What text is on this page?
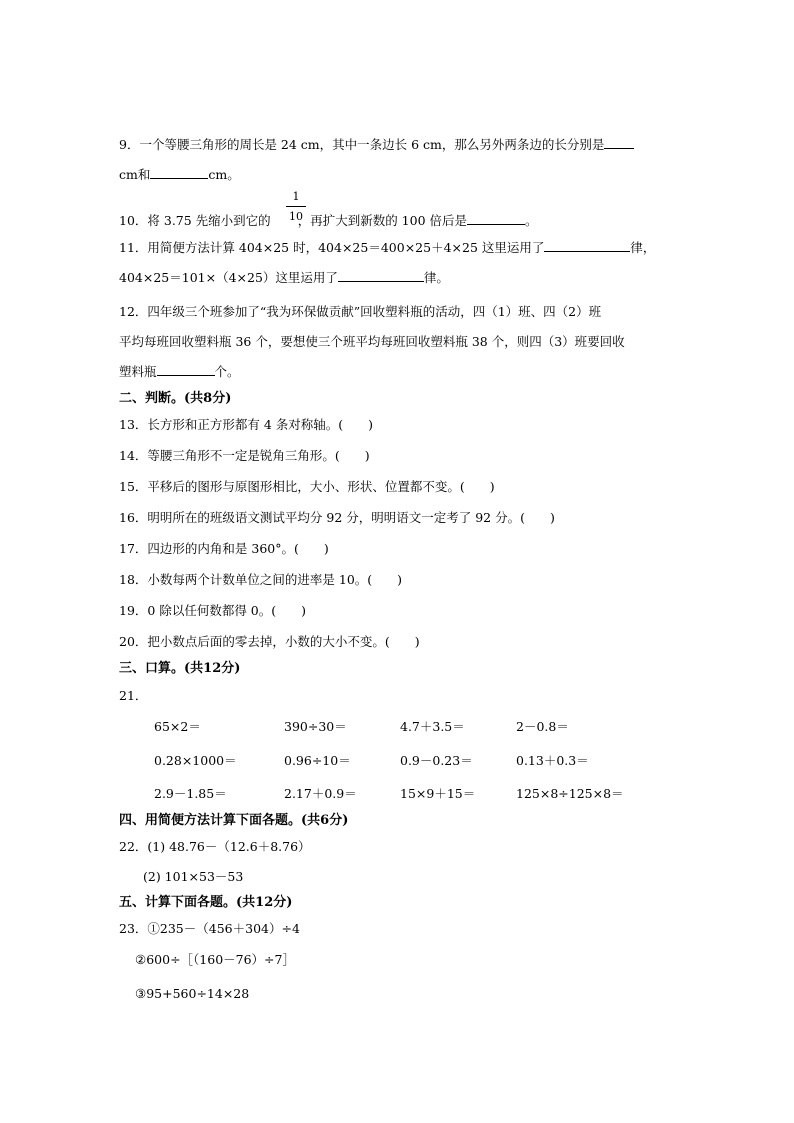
9．一个等腰三角形的周长是 24 cm，其中一条边长 6 cm，那么另外两条边的长分别是
cm和	cm。
1
10
10．将 3.75 先缩小到它的 ，再扩大到新数的 100 倍后是	。
11．用简便方法计算 404×25 时，404×25＝400×25＋4×25 这里运用了	律，
404×25＝101×（4×25）这里运用了	律。
12．四年级三个班参加了“我为环保做贡献”回收塑料瓶的活动，四（1）班、四（2）班
平均每班回收塑料瓶 36 个，要想使三个班平均每班回收塑料瓶 38 个，则四（3）班要回收
塑料瓶	个。
二、判断。(共8分)
13．长方形和正方形都有 4 条对称轴。(　　)
14．等腰三角形不一定是锐角三角形。(　　)
15．平移后的图形与原图形相比，大小、形状、位置都不变。(　　)
16．明明所在的班级语文测试平均分 92 分，明明语文一定考了 92 分。(　　)
17．四边形的内角和是 360°。(　　)
18．小数每两个计数单位之间的进率是 10。(　　)
19．0 除以任何数都得 0。(　　)
20．把小数点后面的零去掉，小数的大小不变。(　　)
三、口算。(共12分)
21．
65×2＝	390÷30＝	4.7＋3.5＝	2－0.8＝
0.28×1000＝	0.96÷10＝	0.9－0.23＝	0.13＋0.3＝
2.9－1.85＝	2.17＋0.9＝	15×9＋15＝	125×8÷125×8＝
四、用简便方法计算下面各题。(共6分)
22．(1) 48.76－（12.6＋8.76）
(2) 101×53－53
五、计算下面各题。(共12分)
23．①235－（456＋304）÷4
②600÷［（160－76）÷7］
③95+560÷14×28
